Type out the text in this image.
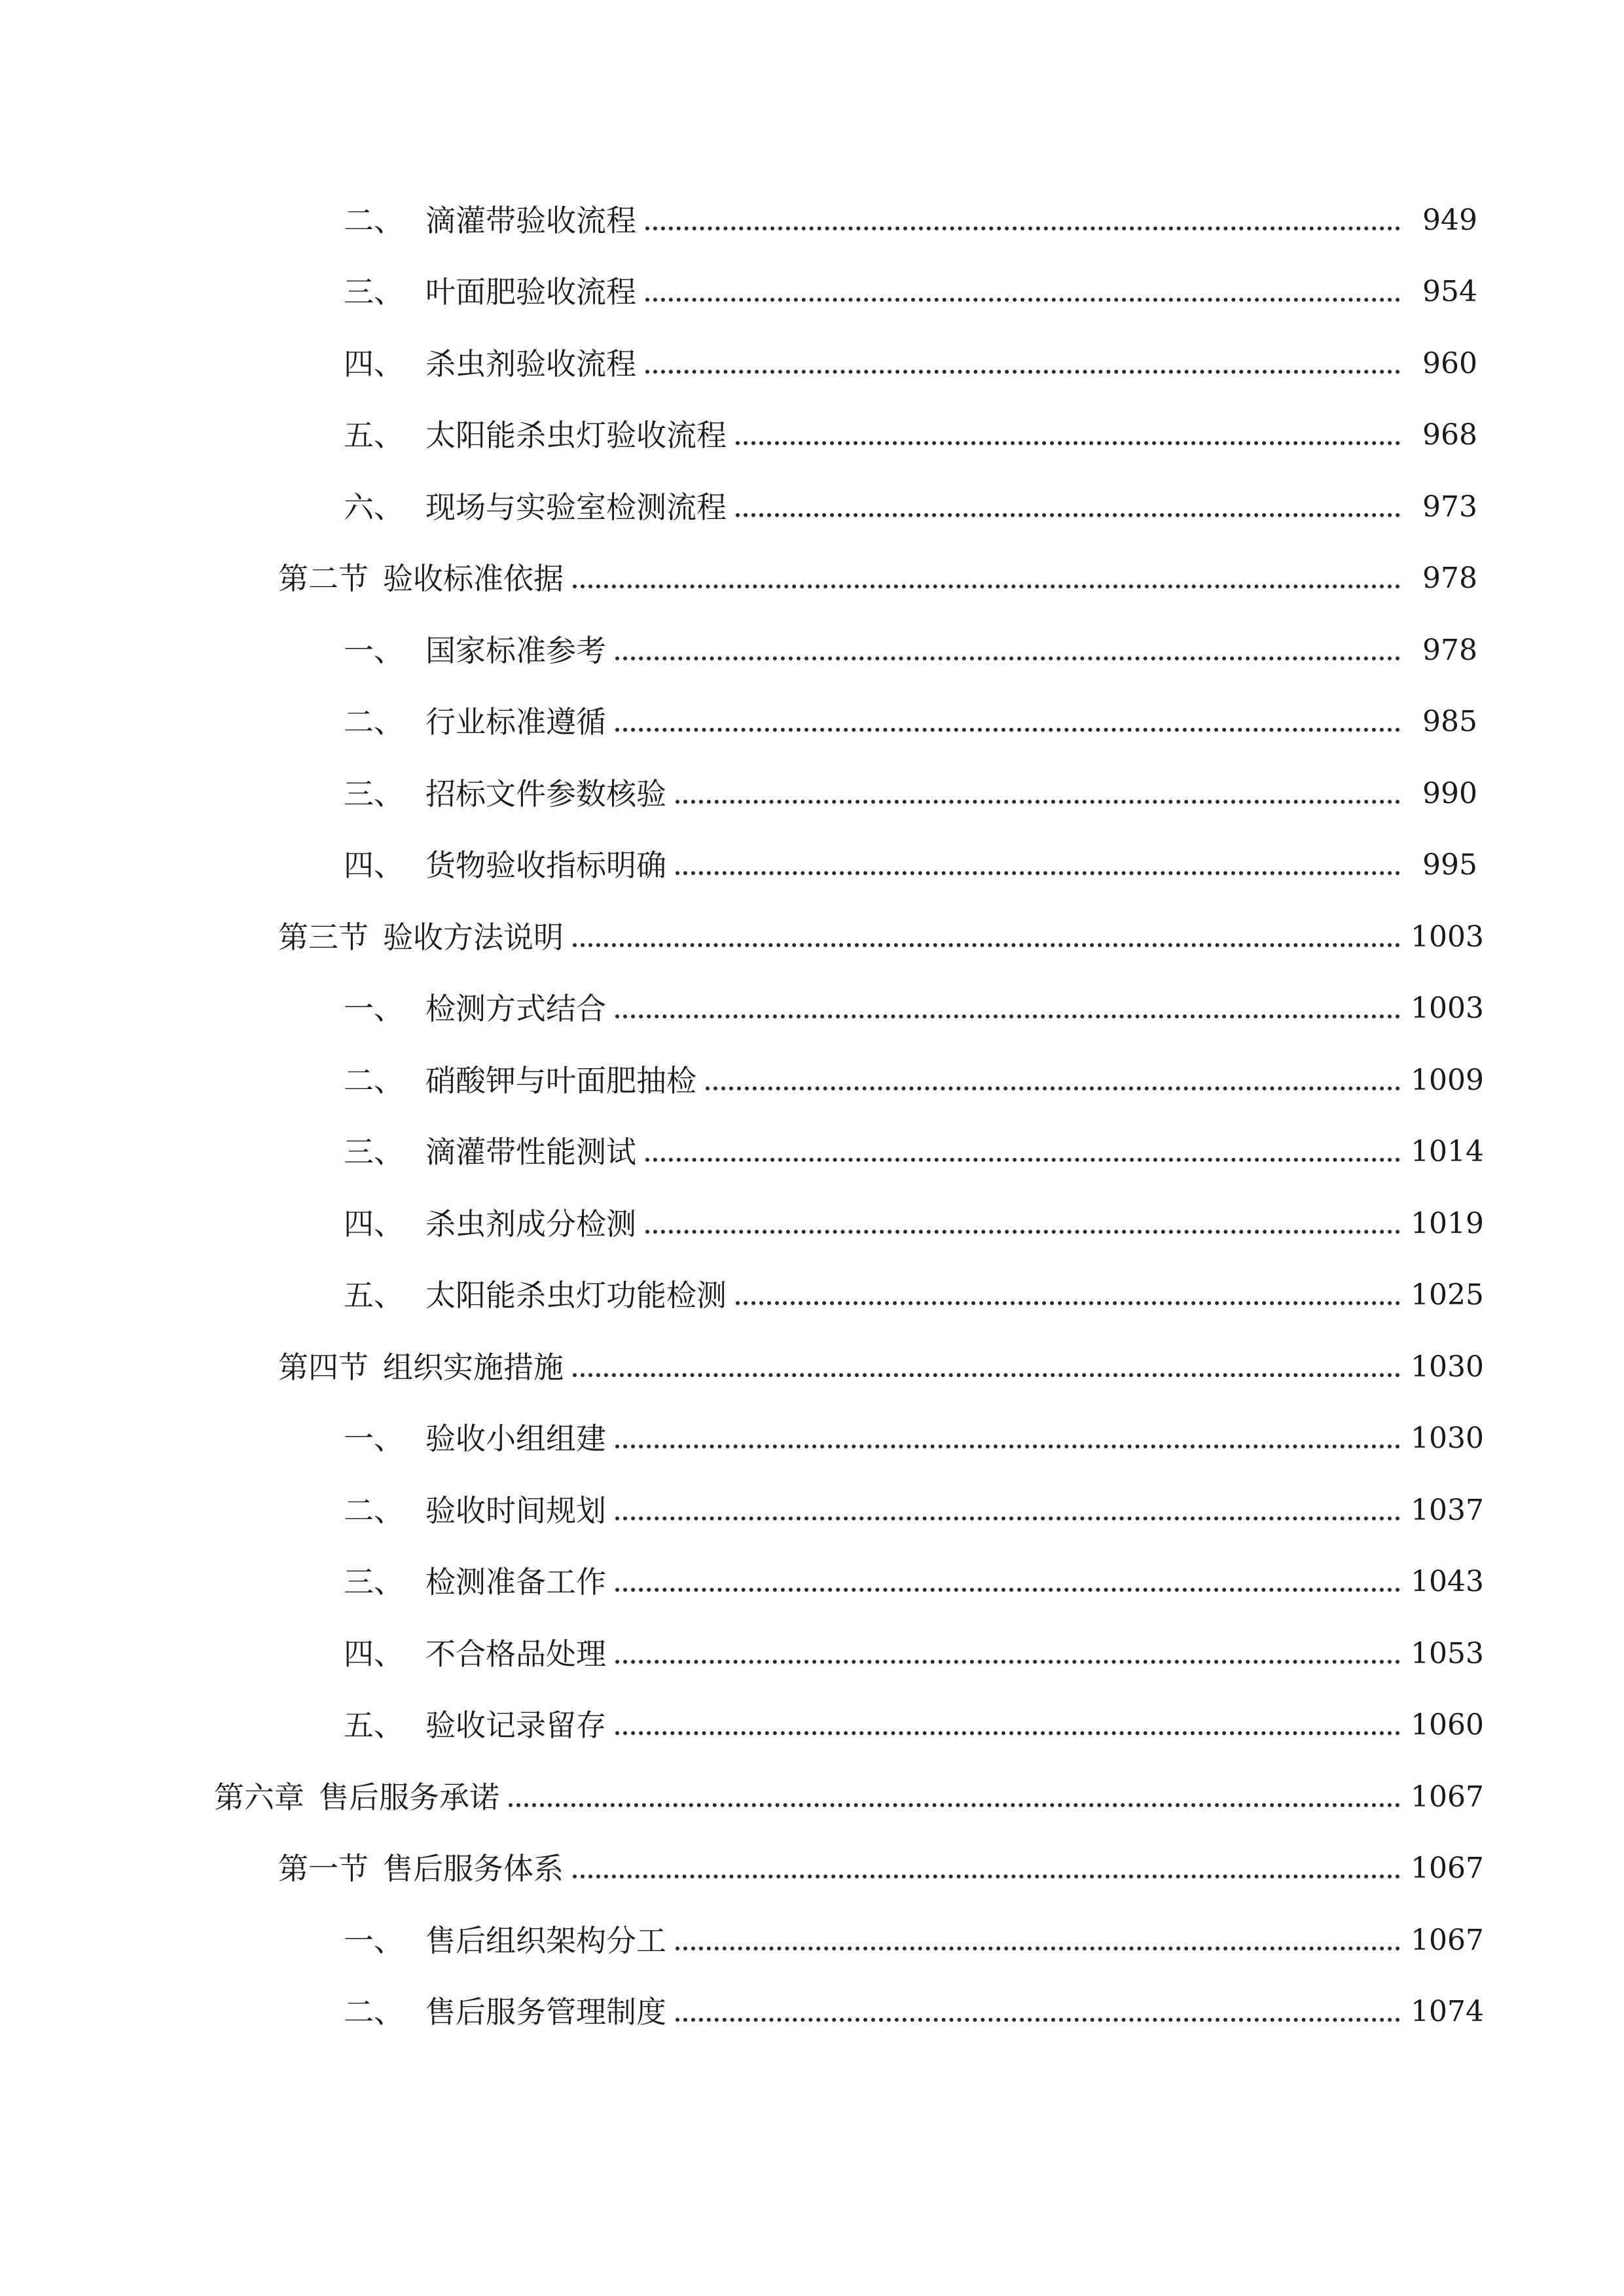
二、 滴灌带验收流程	949
三、 叶面肥验收流程	954
四、 杀虫剂验收流程	960
五、 太阳能杀虫灯验收流程	968
六、 现场与实验室检测流程	973
第二节 验收标准依据	978
一、 国家标准参考	978
二、 行业标准遵循	985
三、 招标文件参数核验	990
四、 货物验收指标明确	995
第三节 验收方法说明	1003
一、 检测方式结合	1003
二、 硝酸钾与叶面肥抽检	1009
三、 滴灌带性能测试	1014
四、 杀虫剂成分检测	1019
五、 太阳能杀虫灯功能检测	1025
第四节 组织实施措施	1030
一、 验收小组组建	1030
二、 验收时间规划	1037
三、 检测准备工作	1043
四、 不合格品处理	1053
五、 验收记录留存	1060
第六章 售后服务承诺	1067
第一节 售后服务体系	1067
一、 售后组织架构分工	1067
二、 售后服务管理制度	1074
